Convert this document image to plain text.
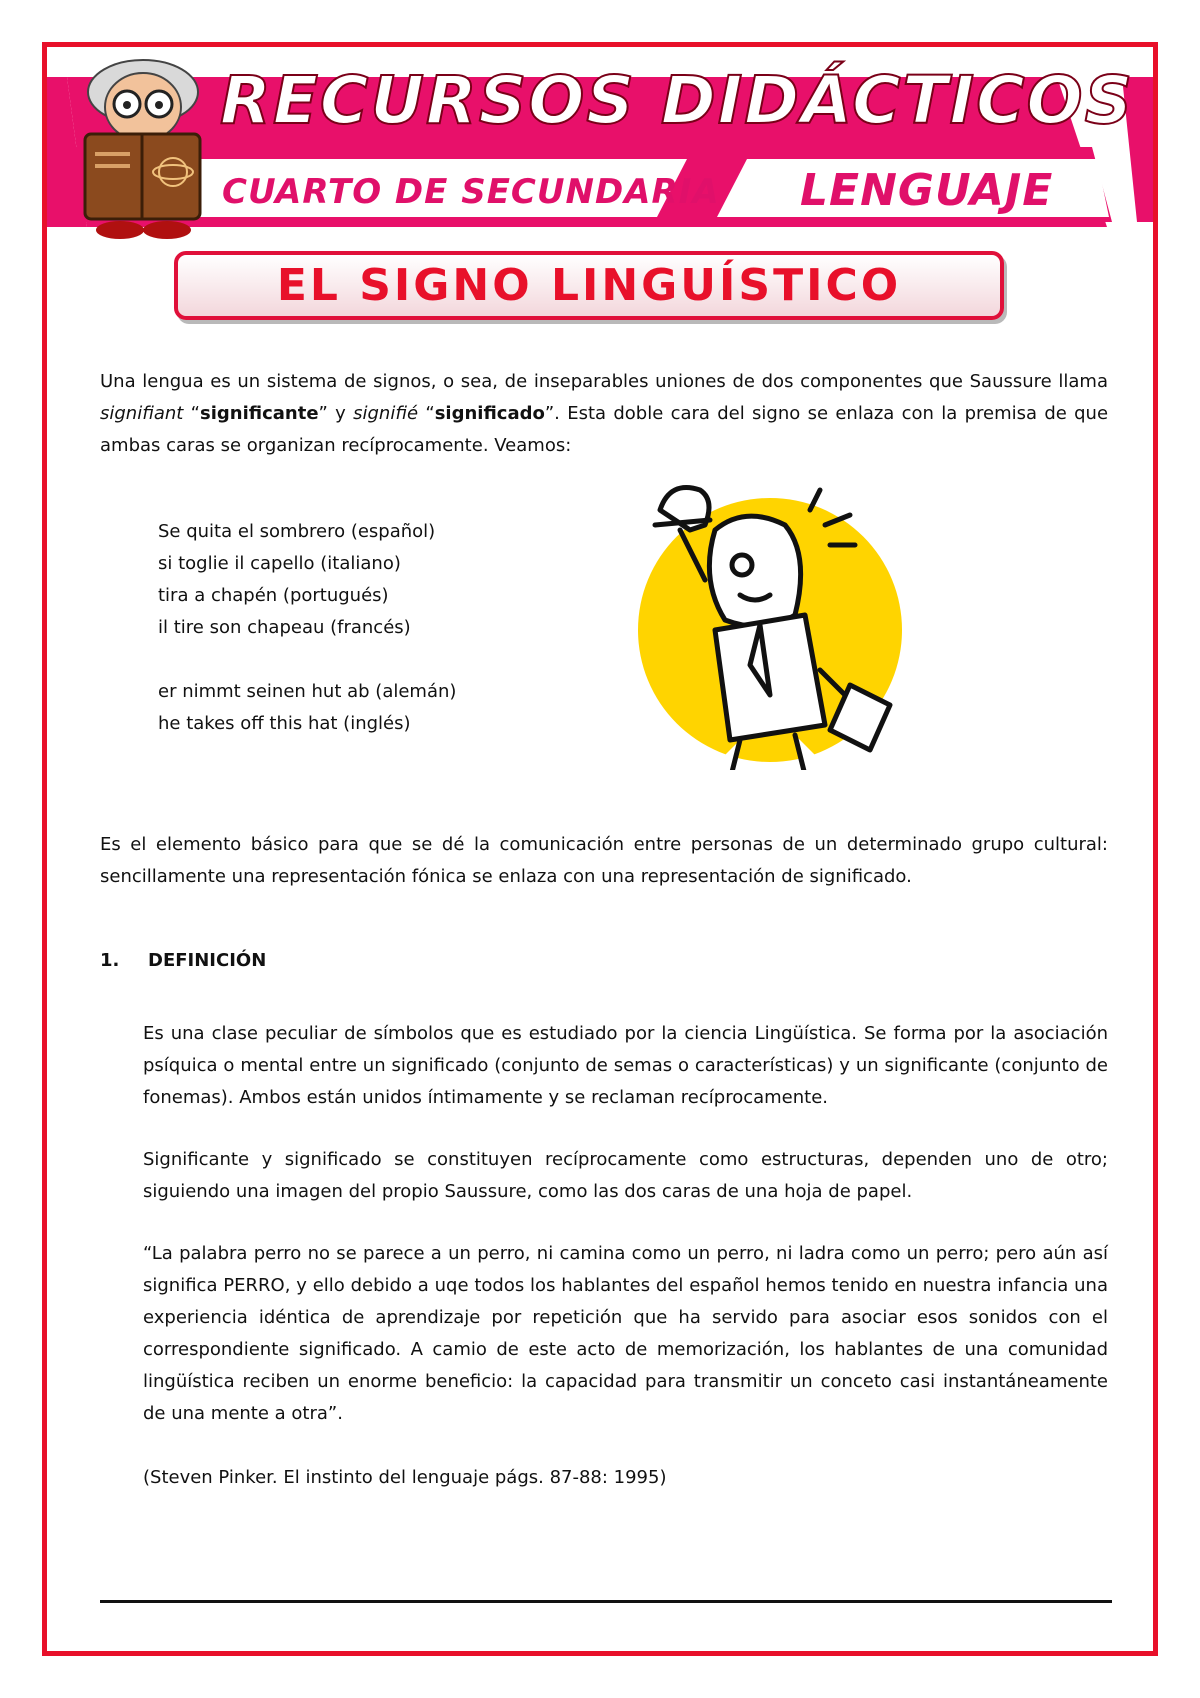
RECURSOS DIDÁCTICOS
CUARTO DE SECUNDARIA LENGUAJE
EL SIGNO LINGUÍSTICO
Una lengua es un sistema de signos, o sea, de inseparables uniones de dos componentes que Saussure llama signifiant “significante” y signifié “significado”. Esta doble cara del signo se enlaza con la premisa de que ambas caras se organizan recíprocamente. Veamos:
Se quita el sombrero (español)
si toglie il capello (italiano)
tira a chapén (portugués)
il tire son chapeau (francés)

er nimmt seinen hut ab (alemán)
he takes off this hat (inglés)
Es el elemento básico para que se dé la comunicación entre personas de un determinado grupo cultural: sencillamente una representación fónica se enlaza con una representación de significado.
1.	DEFINICIÓN
Es una clase peculiar de símbolos que es estudiado por la ciencia Lingüística. Se forma por la asociación psíquica o mental entre un significado (conjunto de semas o características) y un significante (conjunto de fonemas). Ambos están unidos íntimamente y se reclaman recíprocamente.
Significante y significado se constituyen recíprocamente como estructuras, dependen uno de otro; siguiendo una imagen del propio Saussure, como las dos caras de una hoja de papel.
“La palabra perro no se parece a un perro, ni camina como un perro, ni ladra como un perro; pero aún así significa PERRO, y ello debido a uqe todos los hablantes del español hemos tenido en nuestra infancia una experiencia idéntica de aprendizaje por repetición que ha servido para asociar esos sonidos con el correspondiente significado. A camio de este acto de memorización, los hablantes de una comunidad lingüística reciben un enorme beneficio: la capacidad para transmitir un conceto casi instantáneamente de una mente a otra”.
(Steven Pinker. El instinto del lenguaje págs. 87-88: 1995)
